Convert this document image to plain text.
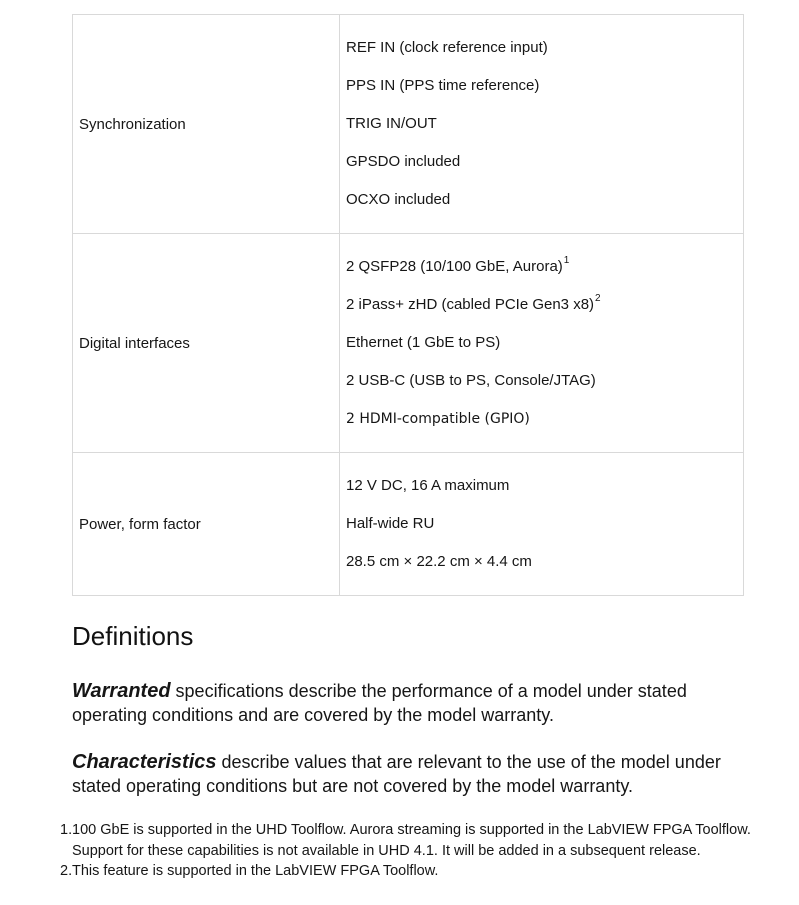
Synchronization	REF IN (clock reference input)
PPS IN (PPS time reference)
TRIG IN/OUT
GPSDO included
OCXO included

Digital interfaces	2 QSFP28 (10/100 GbE, Aurora)$^1$
2 iPass+ zHD (cabled PCIe Gen3 x8)$^2$
Ethernet (1 GbE to PS)
2 USB-C (USB to PS, Console/JTAG)
2 HDMI-compatible (GPIO)

Power, form factor	12 V DC, 16 A maximum
Half-wide RU
28.5 cm × 22.2 cm × 4.4 cm
Definitions

Warranted specifications describe the performance of a model under stated operating conditions and are covered by the model warranty.

Characteristics describe values that are relevant to the use of the model under stated operating conditions but are not covered by the model warranty.

1. 100 GbE is supported in the UHD Toolflow. Aurora streaming is supported in the LabVIEW FPGA Toolflow. Support for these capabilities is not available in UHD 4.1. It will be added in a subsequent release.
2. This feature is supported in the LabVIEW FPGA Toolflow.
